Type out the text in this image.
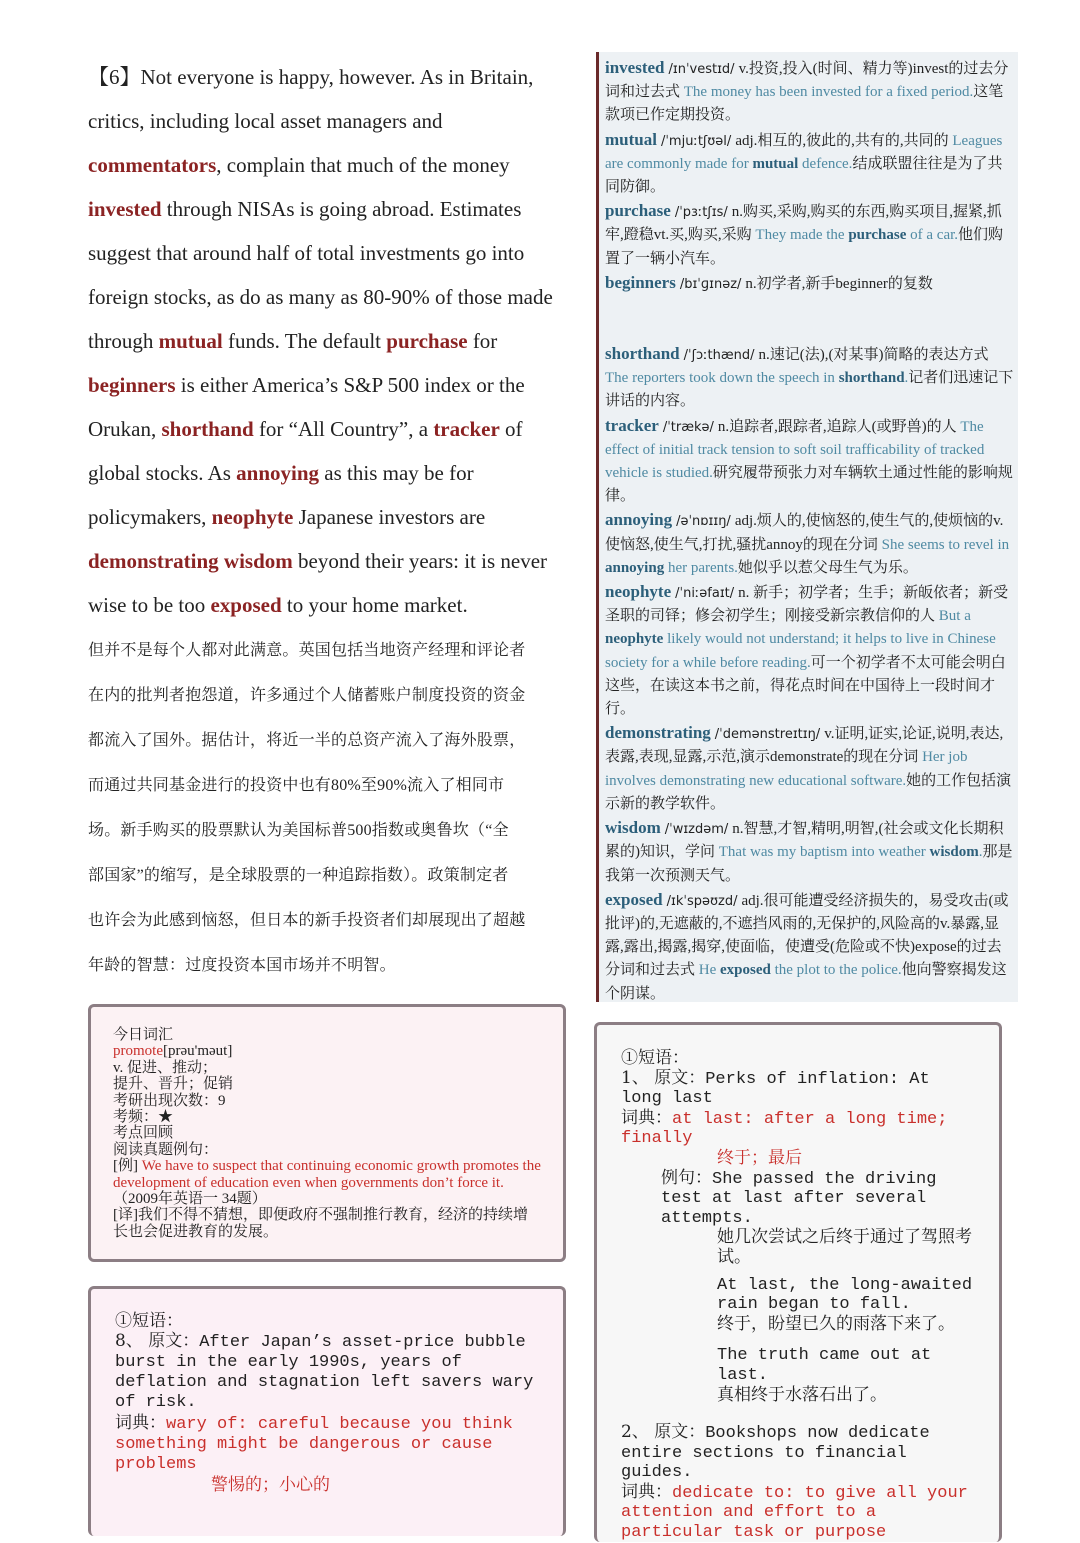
【6】Not everyone is happy, however. As in Britain,

critics, including local asset managers and

commentators, complain that much of the money

invested through NISAs is going abroad. Estimates

suggest that around half of total investments go into

foreign stocks, as do as many as 80-90% of those made

through mutual funds. The default purchase for

beginners is either America’s S&P 500 index or the

Orukan, shorthand for “All Country”, a tracker of

global stocks. As annoying as this may be for

policymakers, neophyte Japanese investors are

demonstrating wisdom beyond their years: it is never

wise to be too exposed to your home market.

但并不是每个人都对此满意。英国包括当地资产经理和评论者

在内的批判者抱怨道，许多通过个人储蓄账户制度投资的资金

都流入了国外。据估计，将近一半的总资产流入了海外股票，

而通过共同基金进行的投资中也有80%至90%流入了相同市

场。新手购买的股票默认为美国标普500指数或奥鲁坎（“全

部国家”的缩写，是全球股票的一种追踪指数）。政策制定者

也许会为此感到恼怒，但日本的新手投资者们却展现出了超越

年龄的智慧：过度投资本国市场并不明智。

invested /ɪnˈvestɪd/ v.投资,投入(时间、精力等)invest的过去分词和过去式 The money has been invested for a fixed period.这笔款项已作定期投资。

mutual /ˈmjuːtʃʊəl/ adj.相互的,彼此的,共有的,共同的 Leagues are commonly made for mutual defence.结成联盟往往是为了共同防御。

purchase /ˈpɜːtʃɪs/ n.购买,采购,购买的东西,购买项目,握紧,抓牢,蹬稳vt.买,购买,采购 They made the purchase of a car.他们购置了一辆小汽车。

beginners /bɪˈɡɪnəz/ n.初学者,新手beginner的复数

shorthand /ˈʃɔːthænd/ n.速记(法),(对某事)简略的表达方式 The reporters took down the speech in shorthand.记者们迅速记下讲话的内容。

tracker /ˈtrækə/ n.追踪者,跟踪者,追踪人(或野兽)的人 The effect of initial track tension to soft soil trafficability of tracked vehicle is studied.研究履带预张力对车辆软土通过性能的影响规律。

annoying /əˈnɒɪɪŋ/ adj.烦人的,使恼怒的,使生气的,使烦恼的v.使恼怒,使生气,打扰,骚扰annoy的现在分词 She seems to revel in annoying her parents.她似乎以惹父母生气为乐。

neophyte /ˈniːəfaɪt/ n. 新手；初学者；生手；新皈依者；新受圣职的司铎；修会初学生；刚接受新宗教信仰的人 But a neophyte likely would not understand; it helps to live in Chinese society for a while before reading.可一个初学者不太可能会明白这些，在读这本书之前，得花点时间在中国待上一段时间才行。

demonstrating /ˈdemənstreɪtɪŋ/ v.证明,证实,论证,说明,表达,表露,表现,显露,示范,演示demonstrate的现在分词 Her job involves demonstrating new educational software.她的工作包括演示新的教学软件。

wisdom /ˈwɪzdəm/ n.智慧,才智,精明,明智,(社会或文化长期积累的)知识，学问 That was my baptism into weather wisdom.那是我第一次预测天气。

exposed /ɪkˈspəʊzd/ adj.很可能遭受经济损失的，易受攻击(或批评)的,无遮蔽的,不遮挡风雨的,无保护的,风险高的v.暴露,显露,露出,揭露,揭穿,使面临，使遭受(危险或不快)expose的过去分词和过去式 He exposed the plot to the police.他向警察揭发这个阴谋。

今日词汇
promote[prəu'məut]
v. 促进、推动；
提升、晋升；促销
考研出现次数：9
考频：★
考点回顾
阅读真题例句：
[例] We have to suspect that continuing economic growth promotes the development of education even when governments don’t force it.（2009年英语一 34题）
[译]我们不得不猜想，即便政府不强制推行教育，经济的持续增长也会促进教育的发展。

①短语：

8、 原文：After Japan’s asset-price bubble burst in the early 1990s, years of deflation and stagnation left savers wary of risk.

词典：wary of: careful because you think something might be dangerous or cause problems

警惕的；小心的

①短语：

1、 原文：Perks of inflation: At long last

词典：at last: after a long time; finally

终于；最后

例句：She passed the driving test at last after several attempts.

她几次尝试之后终于通过了驾照考试。

At last, the long-awaited rain began to fall.

终于，盼望已久的雨落下来了。

The truth came out at last.

真相终于水落石出了。

2、 原文：Bookshops now dedicate entire sections to financial guides.

词典：dedicate to: to give all your attention and effort to a particular task or purpose
